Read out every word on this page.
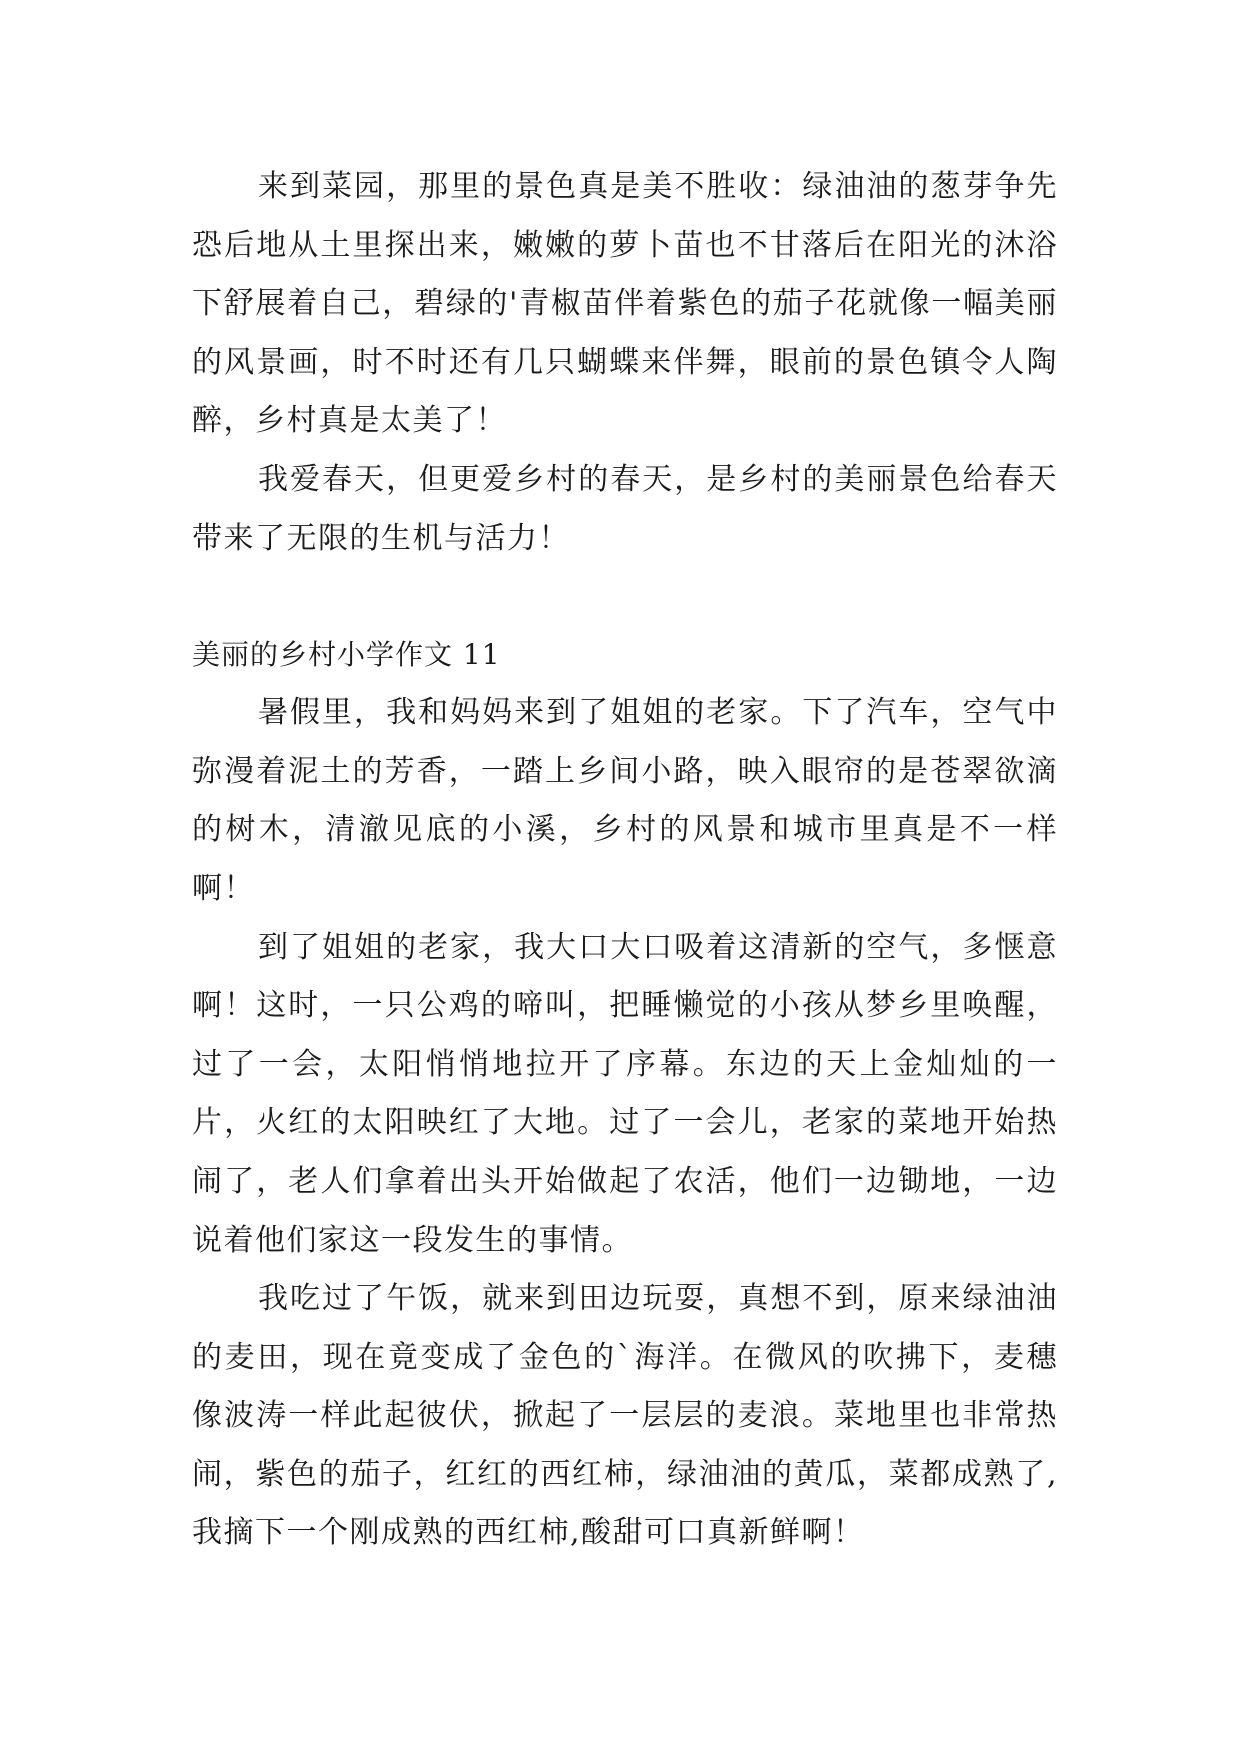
来到菜园，那里的景色真是美不胜收：绿油油的葱芽争先恐后地从土里探出来，嫩嫩的萝卜苗也不甘落后在阳光的沐浴下舒展着自己，碧绿的'青椒苗伴着紫色的茄子花就像一幅美丽的风景画，时不时还有几只蝴蝶来伴舞，眼前的景色镇令人陶醉，乡村真是太美了！

我爱春天，但更爱乡村的春天，是乡村的美丽景色给春天带来了无限的生机与活力！

美丽的乡村小学作文 11

暑假里，我和妈妈来到了姐姐的老家。下了汽车，空气中弥漫着泥土的芳香，一踏上乡间小路，映入眼帘的是苍翠欲滴的树木，清澈见底的小溪，乡村的风景和城市里真是不一样啊！

到了姐姐的老家，我大口大口吸着这清新的空气，多惬意啊！这时，一只公鸡的啼叫，把睡懒觉的小孩从梦乡里唤醒，过了一会，太阳悄悄地拉开了序幕。东边的天上金灿灿的一片，火红的太阳映红了大地。过了一会儿，老家的菜地开始热闹了，老人们拿着出头开始做起了农活，他们一边锄地，一边说着他们家这一段发生的事情。

我吃过了午饭，就来到田边玩耍，真想不到，原来绿油油的麦田，现在竟变成了金色的`海洋。在微风的吹拂下，麦穗像波涛一样此起彼伏，掀起了一层层的麦浪。菜地里也非常热闹，紫色的茄子，红红的西红柿，绿油油的黄瓜，菜都成熟了,我摘下一个刚成熟的西红柿,酸甜可口真新鲜啊！
